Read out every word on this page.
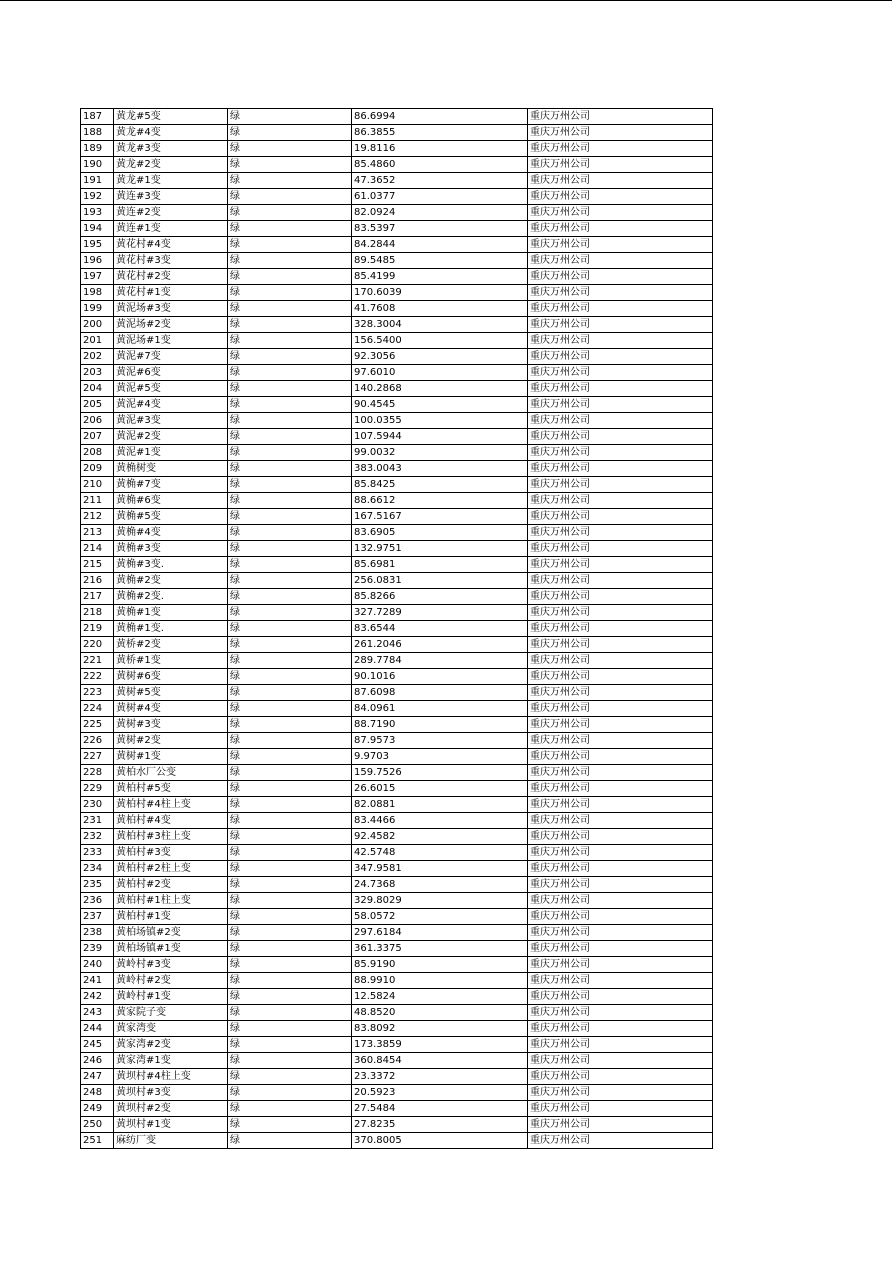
187	黄龙#5变	绿	86.6994	重庆万州公司
188	黄龙#4变	绿	86.3855	重庆万州公司
189	黄龙#3变	绿	19.8116	重庆万州公司
190	黄龙#2变	绿	85.4860	重庆万州公司
191	黄龙#1变	绿	47.3652	重庆万州公司
192	黄连#3变	绿	61.0377	重庆万州公司
193	黄连#2变	绿	82.0924	重庆万州公司
194	黄连#1变	绿	83.5397	重庆万州公司
195	黄花村#4变	绿	84.2844	重庆万州公司
196	黄花村#3变	绿	89.5485	重庆万州公司
197	黄花村#2变	绿	85.4199	重庆万州公司
198	黄花村#1变	绿	170.6039	重庆万州公司
199	黄泥场#3变	绿	41.7608	重庆万州公司
200	黄泥场#2变	绿	328.3004	重庆万州公司
201	黄泥场#1变	绿	156.5400	重庆万州公司
202	黄泥#7变	绿	92.3056	重庆万州公司
203	黄泥#6变	绿	97.6010	重庆万州公司
204	黄泥#5变	绿	140.2868	重庆万州公司
205	黄泥#4变	绿	90.4545	重庆万州公司
206	黄泥#3变	绿	100.0355	重庆万州公司
207	黄泥#2变	绿	107.5944	重庆万州公司
208	黄泥#1变	绿	99.0032	重庆万州公司
209	黄桷树变	绿	383.0043	重庆万州公司
210	黄桷#7变	绿	85.8425	重庆万州公司
211	黄桷#6变	绿	88.6612	重庆万州公司
212	黄桷#5变	绿	167.5167	重庆万州公司
213	黄桷#4变	绿	83.6905	重庆万州公司
214	黄桷#3变	绿	132.9751	重庆万州公司
215	黄桷#3变.	绿	85.6981	重庆万州公司
216	黄桷#2变	绿	256.0831	重庆万州公司
217	黄桷#2变.	绿	85.8266	重庆万州公司
218	黄桷#1变	绿	327.7289	重庆万州公司
219	黄桷#1变.	绿	83.6544	重庆万州公司
220	黄桥#2变	绿	261.2046	重庆万州公司
221	黄桥#1变	绿	289.7784	重庆万州公司
222	黄树#6变	绿	90.1016	重庆万州公司
223	黄树#5变	绿	87.6098	重庆万州公司
224	黄树#4变	绿	84.0961	重庆万州公司
225	黄树#3变	绿	88.7190	重庆万州公司
226	黄树#2变	绿	87.9573	重庆万州公司
227	黄树#1变	绿	9.9703	重庆万州公司
228	黄柏水厂公变	绿	159.7526	重庆万州公司
229	黄柏村#5变	绿	26.6015	重庆万州公司
230	黄柏村#4柱上变	绿	82.0881	重庆万州公司
231	黄柏村#4变	绿	83.4466	重庆万州公司
232	黄柏村#3柱上变	绿	92.4582	重庆万州公司
233	黄柏村#3变	绿	42.5748	重庆万州公司
234	黄柏村#2柱上变	绿	347.9581	重庆万州公司
235	黄柏村#2变	绿	24.7368	重庆万州公司
236	黄柏村#1柱上变	绿	329.8029	重庆万州公司
237	黄柏村#1变	绿	58.0572	重庆万州公司
238	黄柏场镇#2变	绿	297.6184	重庆万州公司
239	黄柏场镇#1变	绿	361.3375	重庆万州公司
240	黄岭村#3变	绿	85.9190	重庆万州公司
241	黄岭村#2变	绿	88.9910	重庆万州公司
242	黄岭村#1变	绿	12.5824	重庆万州公司
243	黄家院子变	绿	48.8520	重庆万州公司
244	黄家湾变	绿	83.8092	重庆万州公司
245	黄家湾#2变	绿	173.3859	重庆万州公司
246	黄家湾#1变	绿	360.8454	重庆万州公司
247	黄坝村#4柱上变	绿	23.3372	重庆万州公司
248	黄坝村#3变	绿	20.5923	重庆万州公司
249	黄坝村#2变	绿	27.5484	重庆万州公司
250	黄坝村#1变	绿	27.8235	重庆万州公司
251	麻纺厂变	绿	370.8005	重庆万州公司
